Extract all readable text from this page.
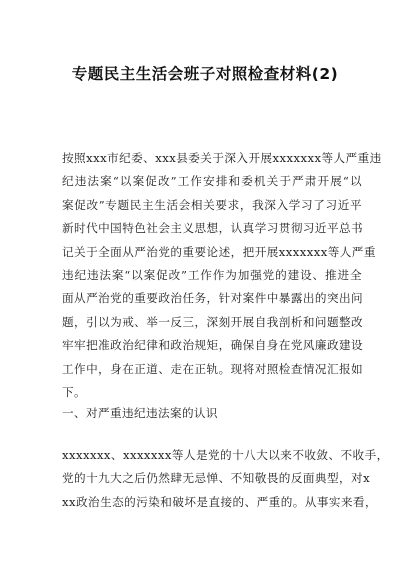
专题民主生活会班子对照检查材料(2)
按照xxx市纪委、xxx县委关于深入开展xxxxxxx等人严重违
纪违法案“以案促改”工作安排和委机关于严肃开展“以
案促改”专题民主生活会相关要求，我深入学习了习近平
新时代中国特色社会主义思想，认真学习贯彻习近平总书
记关于全面从严治党的重要论述，把开展xxxxxxx等人严重
违纪违法案“以案促改”工作作为加强党的建设、推进全
面从严治党的重要政治任务，针对案件中暴露出的突出问
题，引以为戒、举一反三，深刻开展自我剖析和问题整改
牢牢把准政治纪律和政治规矩，确保自身在党风廉政建设
工作中，身在正道、走在正轨。现将对照检查情况汇报如
下。
一、对严重违纪违法案的认识
xxxxxxx、xxxxxxx等人是党的十八大以来不收敛、不收手，
党的十九大之后仍然肆无忌惮、不知敬畏的反面典型，对x
xx政治生态的污染和破坏是直接的、严重的。从事实来看，
